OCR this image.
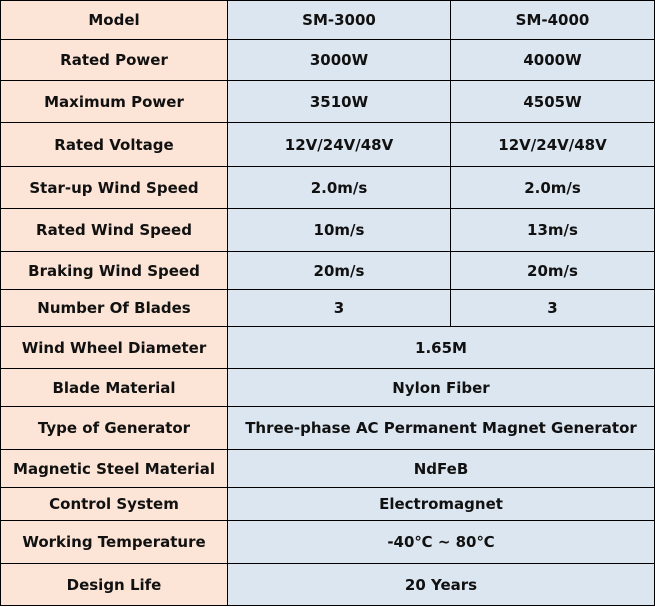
Model	SM-3000	SM-4000
Rated Power	3000W	4000W
Maximum Power	3510W	4505W
Rated Voltage	12V/24V/48V	12V/24V/48V
Star-up Wind Speed	2.0m/s	2.0m/s
Rated Wind Speed	10m/s	13m/s
Braking Wind Speed	20m/s	20m/s
Number Of Blades	3	3
Wind Wheel Diameter	1.65M	
Blade Material	Nylon Fiber	
Type of Generator	Three-phase AC Permanent Magnet Generator	
Magnetic Steel Material	NdFeB	
Control System	Electromagnet	
Working Temperature	-40℃ ~ 80℃	
Design Life	20 Years	
